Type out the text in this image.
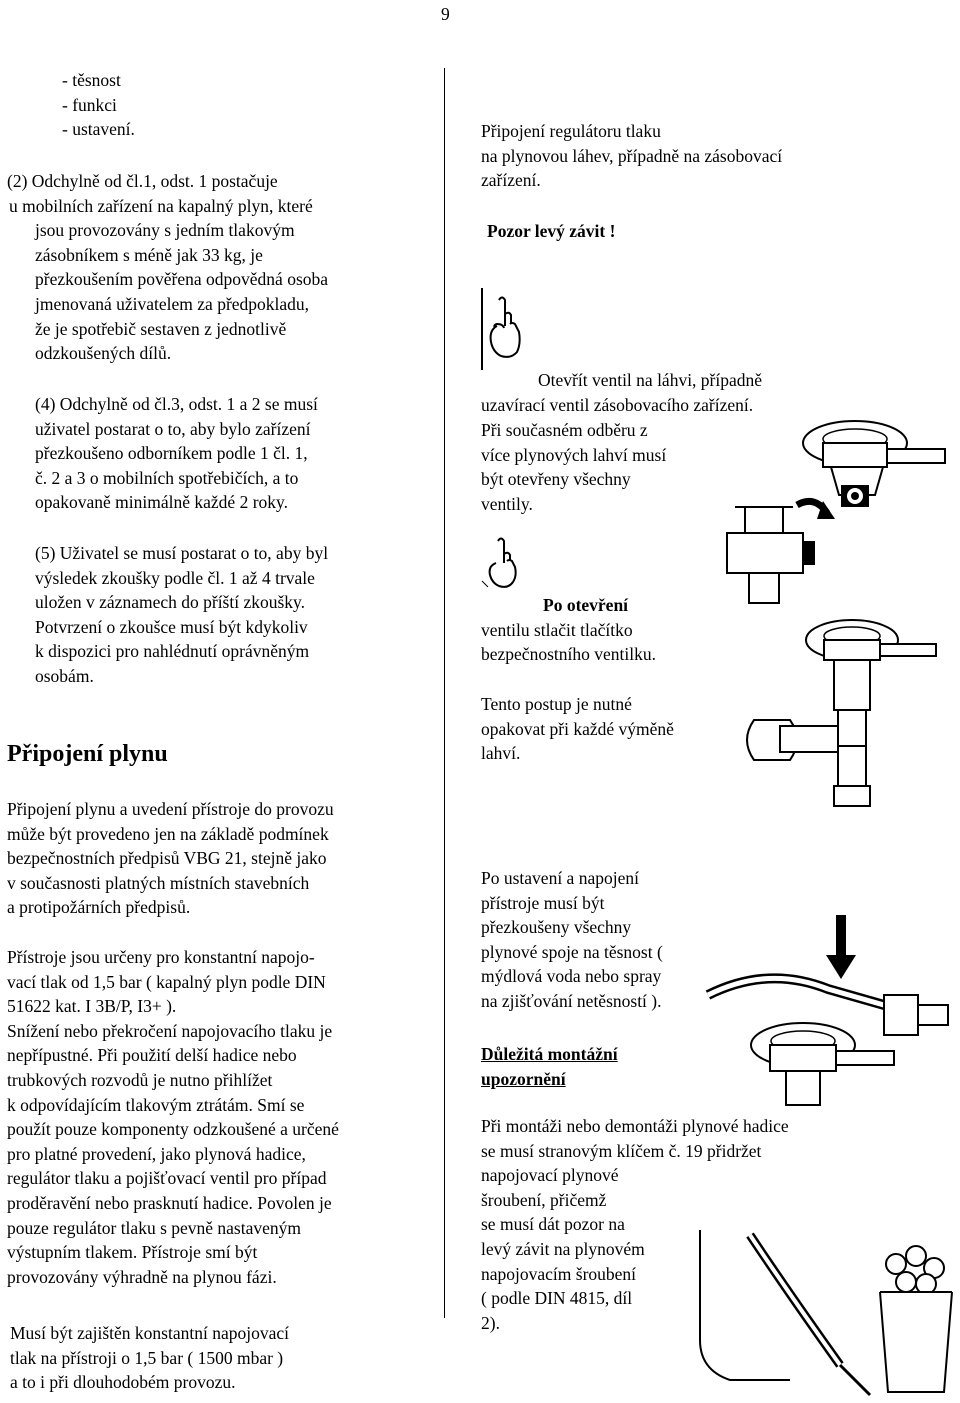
9
- těsnost
- funkci
- ustavení.
(2) Odchylně od čl.1, odst. 1 postačuje
u mobilních zařízení na kapalný plyn, které
jsou provozovány s jedním tlakovým
zásobníkem s méně jak 33 kg, je
přezkoušením pověřena odpovědná osoba
jmenovaná uživatelem za předpokladu,
že je spotřebič sestaven z jednotlivě
odzkoušených dílů.
(4) Odchylně od čl.3, odst. 1 a 2 se musí
uživatel postarat o to, aby bylo zařízení
přezkoušeno odborníkem podle 1 čl. 1,
č. 2 a 3 o mobilních spotřebičích, a to
opakovaně minimálně každé 2 roky.
(5) Uživatel se musí postarat o to, aby byl
výsledek zkoušky podle čl. 1 až 4 trvale
uložen v záznamech do příští zkoušky.
Potvrzení o zkoušce musí být kdykoliv
k dispozici pro nahlédnutí oprávněným
osobám.
Připojení plynu
Připojení plynu a uvedení přístroje do provozu
může být provedeno jen na základě podmínek
bezpečnostních předpisů VBG 21, stejně jako
v současnosti platných místních stavebních
a protipožárních předpisů.
Přístroje jsou určeny pro konstantní napojo-
vací tlak od 1,5 bar ( kapalný plyn podle DIN
51622 kat. I 3B/P, I3+ ).
Snížení nebo překročení napojovacího tlaku je
nepřípustné. Při použití delší hadice nebo
trubkových rozvodů je nutno přihlížet
k odpovídajícím tlakovým ztrátám. Smí se
použít pouze komponenty odzkoušené a určené
pro platné provedení, jako plynová hadice,
regulátor tlaku a pojišťovací ventil pro případ
proděravění nebo prasknutí hadice. Povolen je
pouze regulátor tlaku s pevně nastaveným
výstupním tlakem. Přístroje smí být
provozovány výhradně na plynou fázi.
Musí být zajištěn konstantní napojovací
tlak na přístroji o 1,5 bar ( 1500 mbar )
a to i při dlouhodobém provozu.
Připojení regulátoru tlaku
na plynovou láhev, případně na zásobovací
zařízení.
Pozor levý závit !
Otevřít ventil na láhvi, případně
uzavírací ventil zásobovacího zařízení.
Při současném odběru z
více plynových lahví musí
být otevřeny všechny
ventily.
Po otevření
ventilu stlačit tlačítko
bezpečnostního ventilku.
Tento postup je nutné
opakovat při každé výměně
lahví.
Po ustavení a napojení
přístroje musí být
přezkoušeny všechny
plynové spoje na těsnost (
mýdlová voda nebo spray
na zjišťování netěsností ).
Důležitá montážní
upozornění
Při montáži nebo demontáži plynové hadice
se musí stranovým klíčem č. 19 přidržet
napojovací plynové
šroubení, přičemž
se musí dát pozor na
levý závit na plynovém
napojovacím šroubení
( podle DIN 4815, díl
2).
